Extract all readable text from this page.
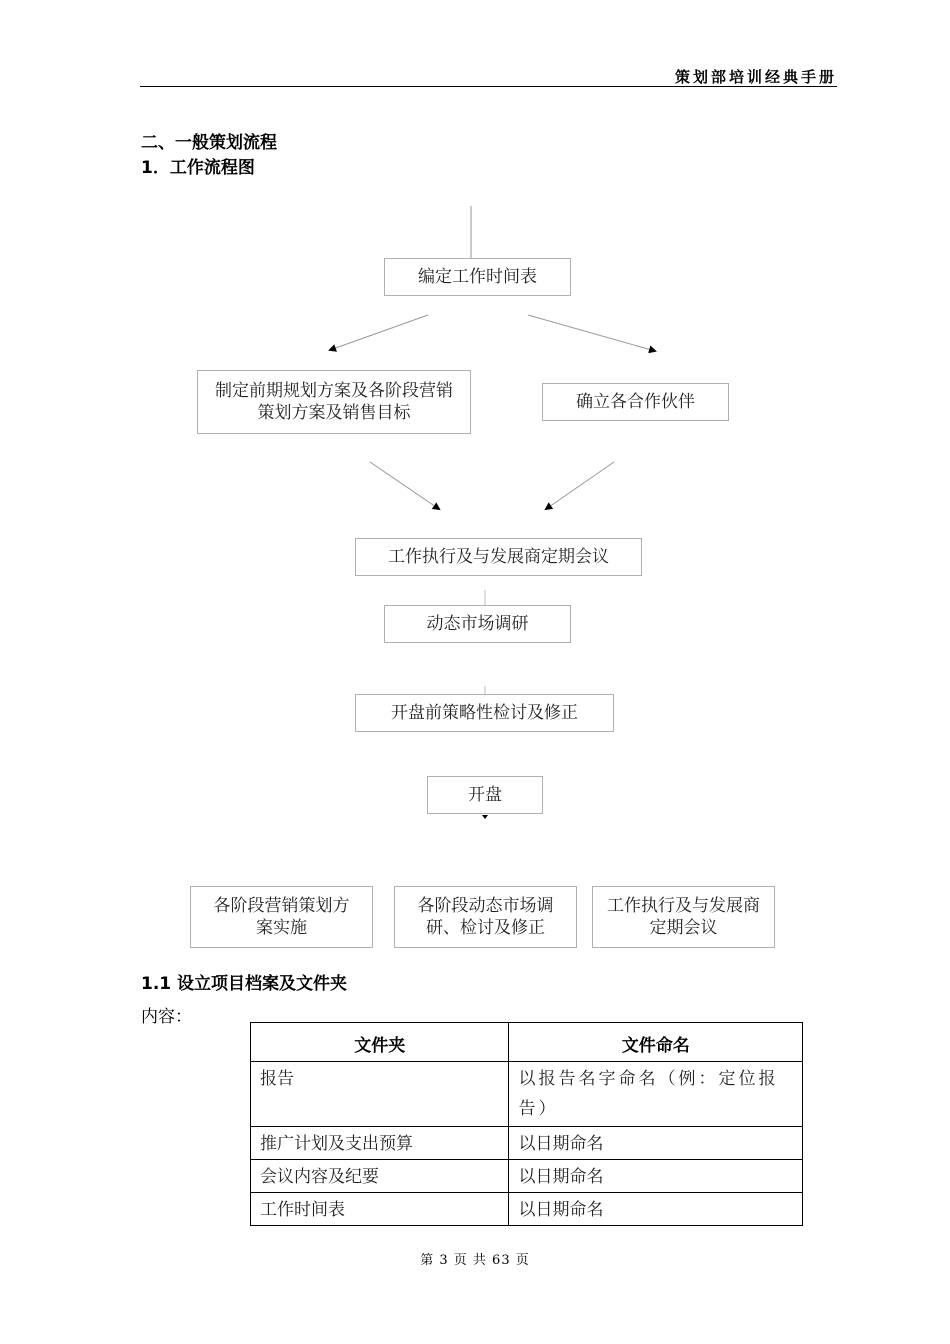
策划部培训经典手册
二、一般策划流程
1．工作流程图
编定工作时间表
制定前期规划方案及各阶段营销策划方案及销售目标
确立各合作伙伴
工作执行及与发展商定期会议
动态市场调研
开盘前策略性检讨及修正
开盘
各阶段营销策划方案实施
各阶段动态市场调研、检讨及修正
工作执行及与发展商定期会议
1.1 设立项目档案及文件夹
内容：
文件夹	文件命名
报告	以报告名字命名（例：定位报告）
推广计划及支出预算	以日期命名
会议内容及纪要	以日期命名
工作时间表	以日期命名
第 3 页 共 63 页
